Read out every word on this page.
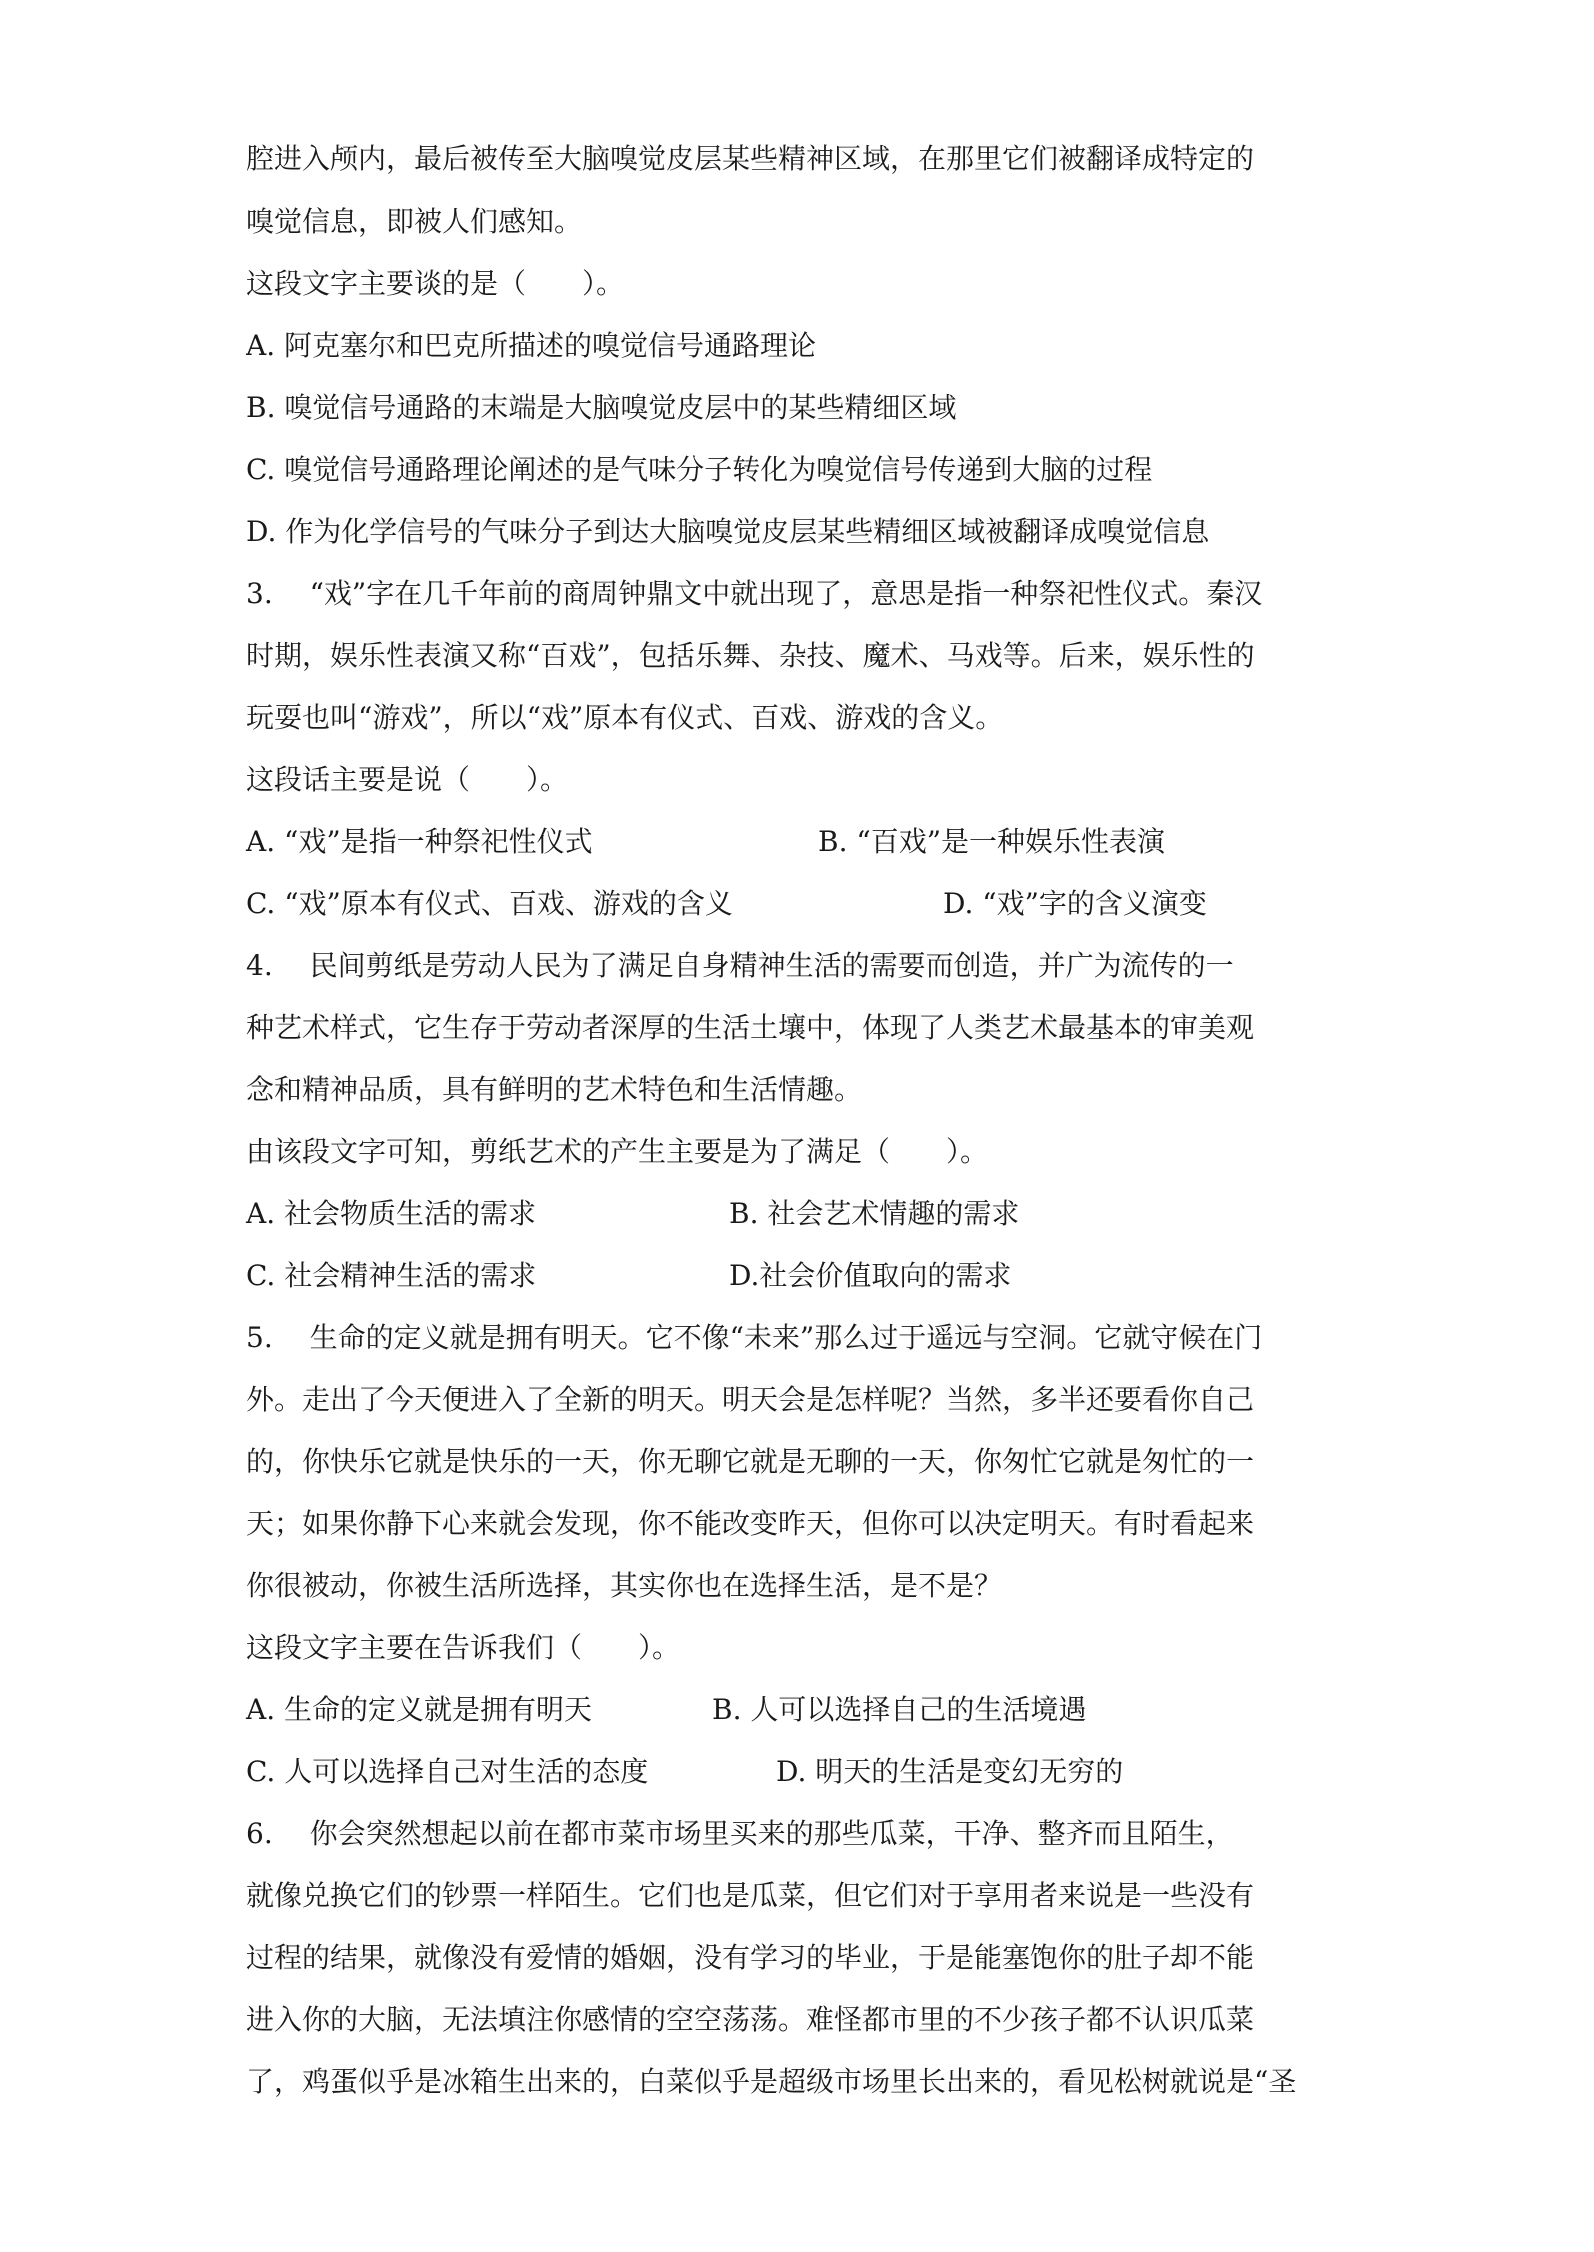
腔进入颅内，最后被传至大脑嗅觉皮层某些精神区域，在那里它们被翻译成特定的
嗅觉信息，即被人们感知。
这段文字主要谈的是（　　）。
A. 阿克塞尔和巴克所描述的嗅觉信号通路理论
B. 嗅觉信号通路的末端是大脑嗅觉皮层中的某些精细区域
C. 嗅觉信号通路理论阐述的是气味分子转化为嗅觉信号传递到大脑的过程
D. 作为化学信号的气味分子到达大脑嗅觉皮层某些精细区域被翻译成嗅觉信息
3.　 “戏”字在几千年前的商周钟鼎文中就出现了，意思是指一种祭祀性仪式。秦汉
时期，娱乐性表演又称“百戏”，包括乐舞、杂技、魔术、马戏等。后来，娱乐性的
玩耍也叫“游戏”，所以“戏”原本有仪式、百戏、游戏的含义。
这段话主要是说（　　）。
A. “戏”是指一种祭祀性仪式	B. “百戏”是一种娱乐性表演
C. “戏”原本有仪式、百戏、游戏的含义	D. “戏”字的含义演变
4.　 民间剪纸是劳动人民为了满足自身精神生活的需要而创造，并广为流传的一
种艺术样式，它生存于劳动者深厚的生活土壤中，体现了人类艺术最基本的审美观
念和精神品质，具有鲜明的艺术特色和生活情趣。
由该段文字可知，剪纸艺术的产生主要是为了满足（　　）。
A. 社会物质生活的需求	B. 社会艺术情趣的需求
C. 社会精神生活的需求	D.社会价值取向的需求
5.　 生命的定义就是拥有明天。它不像“未来”那么过于遥远与空洞。它就守候在门
外。走出了今天便进入了全新的明天。明天会是怎样呢？当然，多半还要看你自己
的，你快乐它就是快乐的一天，你无聊它就是无聊的一天，你匆忙它就是匆忙的一
天；如果你静下心来就会发现，你不能改变昨天，但你可以决定明天。有时看起来
你很被动，你被生活所选择，其实你也在选择生活，是不是？
这段文字主要在告诉我们（　　）。
A. 生命的定义就是拥有明天	B. 人可以选择自己的生活境遇
C. 人可以选择自己对生活的态度	D. 明天的生活是变幻无穷的
6.　 你会突然想起以前在都市菜市场里买来的那些瓜菜，干净、整齐而且陌生，
就像兑换它们的钞票一样陌生。它们也是瓜菜，但它们对于享用者来说是一些没有
过程的结果，就像没有爱情的婚姻，没有学习的毕业，于是能塞饱你的肚子却不能
进入你的大脑，无法填注你感情的空空荡荡。难怪都市里的不少孩子都不认识瓜菜
了，鸡蛋似乎是冰箱生出来的，白菜似乎是超级市场里长出来的，看见松树就说是“圣
